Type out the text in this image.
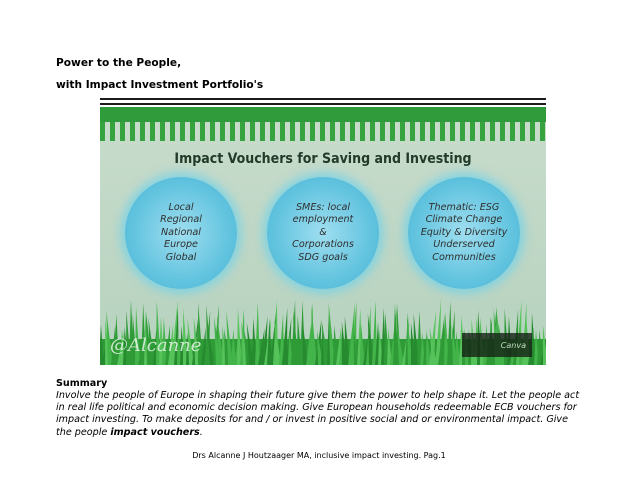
Power to the People,
with Impact Investment Portfolio's
Impact Vouchers for Saving and Investing
Local
Regional
National
Europe
Global
SMEs: local
employment
&
Corporations
SDG goals
Thematic: ESG
Climate Change
Equity & Diversity
Underserved
Communities
@Alcanne	Canva
Summary
Involve the people of Europe in shaping their future give them the power to help shape it. Let the people act in real life political and economic decision making. Give European households redeemable ECB vouchers for impact investing. To make deposits for and / or invest in positive social and or environmental impact. Give the people impact vouchers.
Drs Alcanne J Houtzaager MA, inclusive impact investing. Pag.1
